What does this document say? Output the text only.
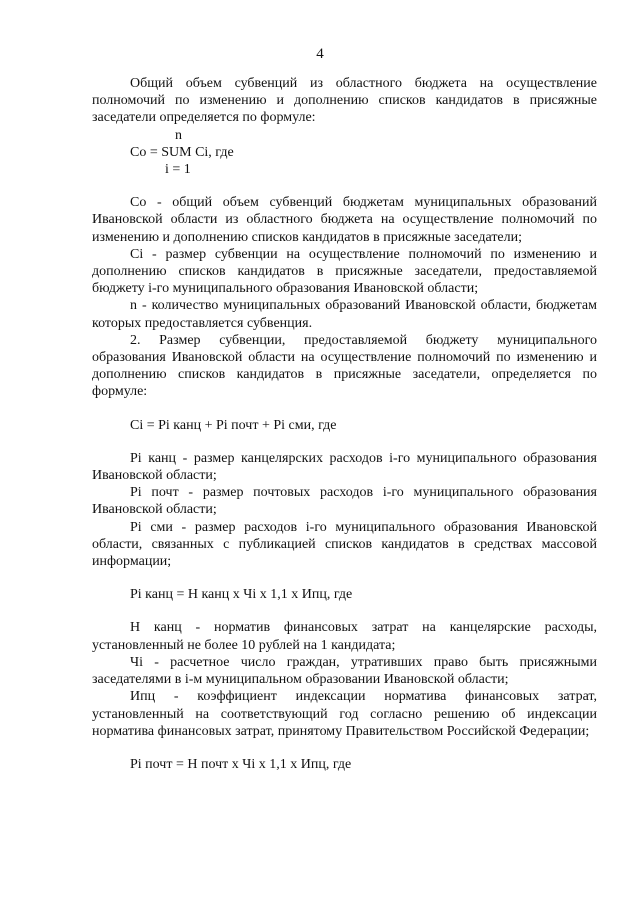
4

Общий объем субвенций из областного бюджета на осуществление полномочий по изменению и дополнению списков кандидатов в присяжные заседатели определяется по формуле:

n
Со = SUM Сi, где
i = 1

Со - общий объем субвенций бюджетам муниципальных образований Ивановской области из областного бюджета на осуществление полномочий по изменению и дополнению списков кандидатов в присяжные заседатели;

Сi - размер субвенции на осуществление полномочий по изменению и дополнению списков кандидатов в присяжные заседатели, предоставляемой бюджету i-го муниципального образования Ивановской области;

n - количество муниципальных образований Ивановской области, бюджетам которых предоставляется субвенция.

2. Размер субвенции, предоставляемой бюджету муниципального образования Ивановской области на осуществление полномочий по изменению и дополнению списков кандидатов в присяжные заседатели, определяется по формуле:

Сi = Рi канц + Рi почт + Рi сми, где

Рi канц - размер канцелярских расходов i-го муниципального образования Ивановской области;

Рi почт - размер почтовых расходов i-го муниципального образования Ивановской области;

Рi сми - размер расходов i-го муниципального образования Ивановской области, связанных с публикацией списков кандидатов в средствах массовой информации;

Рi канц = Н канц x Чi x 1,1 x Ипц, где

Н канц - норматив финансовых затрат на канцелярские расходы, установленный не более 10 рублей на 1 кандидата;

Чi - расчетное число граждан, утративших право быть присяжными заседателями в i-м муниципальном образовании Ивановской области;

Ипц - коэффициент индексации норматива финансовых затрат, установленный на соответствующий год согласно решению об индексации норматива финансовых затрат, принятому Правительством Российской Федерации;

Рi почт = Н почт x Чi x 1,1 x Ипц, где
